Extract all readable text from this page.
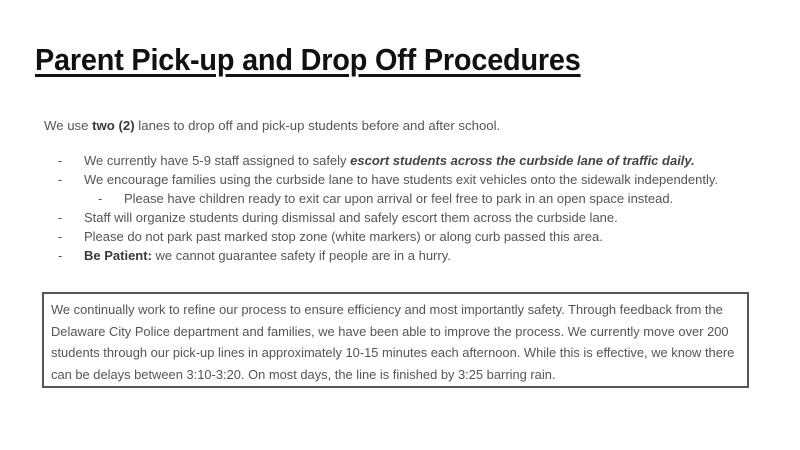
Parent Pick-up and Drop Off Procedures

We use two (2) lanes to drop off and pick-up students before and after school.

- We currently have 5-9 staff assigned to safely escort students across the curbside lane of traffic daily.
- We encourage families using the curbside lane to have students exit vehicles onto the sidewalk independently.
- Please have children ready to exit car upon arrival or feel free to park in an open space instead.
- Staff will organize students during dismissal and safely escort them across the curbside lane.
- Please do not park past marked stop zone (white markers) or along curb passed this area.
- Be Patient: we cannot guarantee safety if people are in a hurry.

We continually work to refine our process to ensure efficiency and most importantly safety. Through feedback from the Delaware City Police department and families, we have been able to improve the process. We currently move over 200 students through our pick-up lines in approximately 10-15 minutes each afternoon. While this is effective, we know there can be delays between 3:10-3:20. On most days, the line is finished by 3:25 barring rain.
